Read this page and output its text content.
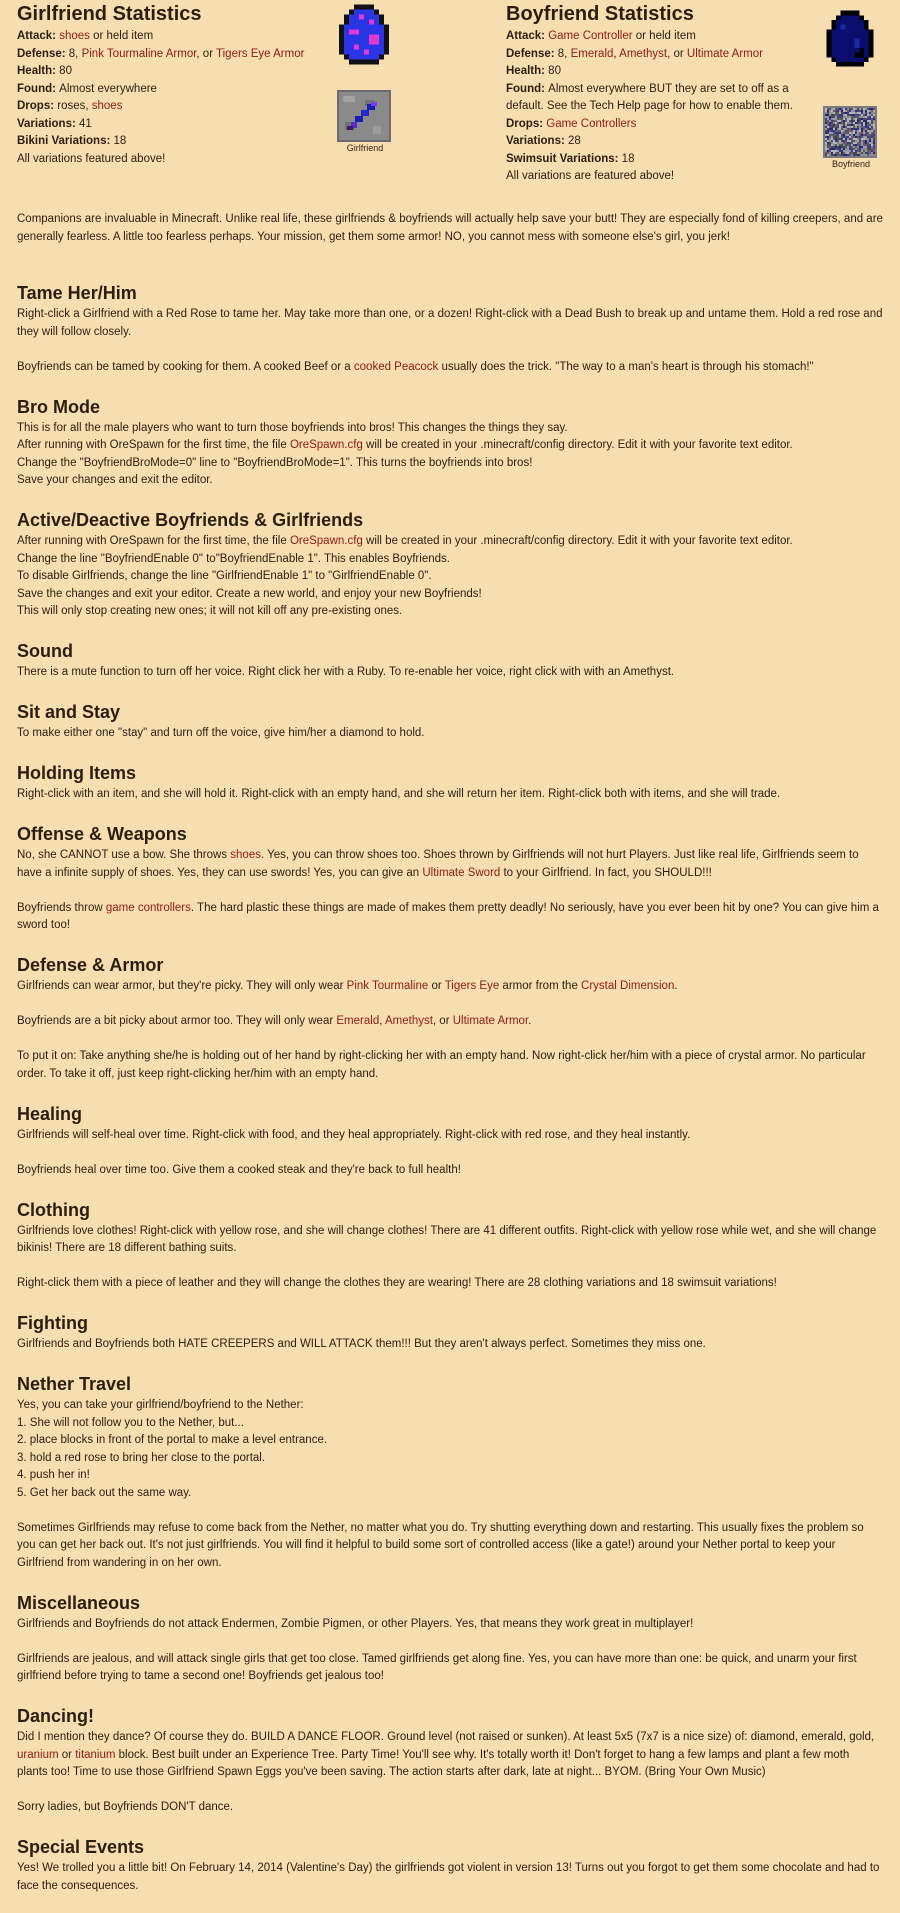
Girlfriend Statistics

Attack: shoes or held item

Defense: 8, Pink Tourmaline Armor, or Tigers Eye Armor

Health: 80

Found: Almost everywhere

Drops: roses, shoes

Variations: 41

Bikini Variations: 18

All variations featured above!

Girlfriend
Boyfriend Statistics

Attack: Game Controller or held item

Defense: 8, Emerald, Amethyst, or Ultimate Armor

Health: 80

Found: Almost everywhere BUT they are set to off as a default. See the Tech Help page for how to enable them.

Drops: Game Controllers

Variations: 28

Swimsuit Variations: 18

All variations are featured above!

Boyfriend

Companions are invaluable in Minecraft. Unlike real life, these girlfriends & boyfriends will actually help save your butt! They are especially fond of killing creepers, and are generally fearless. A little too fearless perhaps. Your mission, get them some armor! NO, you cannot mess with someone else's girl, you jerk!

Tame Her/Him

Right-click a Girlfriend with a Red Rose to tame her. May take more than one, or a dozen! Right-click with a Dead Bush to break up and untame them. Hold a red rose and they will follow closely.

Boyfriends can be tamed by cooking for them. A cooked Beef or a cooked Peacock usually does the trick. "The way to a man's heart is through his stomach!"

Bro Mode

This is for all the male players who want to turn those boyfriends into bros! This changes the things they say.
After running with OreSpawn for the first time, the file OreSpawn.cfg will be created in your .minecraft/config directory. Edit it with your favorite text editor.
Change the "BoyfriendBroMode=0" line to "BoyfriendBroMode=1". This turns the boyfriends into bros!
Save your changes and exit the editor.

Active/Deactive Boyfriends & Girlfriends

After running with OreSpawn for the first time, the file OreSpawn.cfg will be created in your .minecraft/config directory. Edit it with your favorite text editor.
Change the line "BoyfriendEnable 0" to"BoyfriendEnable 1". This enables Boyfriends.
To disable Girlfriends, change the line "GirlfriendEnable 1" to "GirlfriendEnable 0".
Save the changes and exit your editor. Create a new world, and enjoy your new Boyfriends!
This will only stop creating new ones; it will not kill off any pre-existing ones.

Sound

There is a mute function to turn off her voice. Right click her with a Ruby. To re-enable her voice, right click with with an Amethyst.

Sit and Stay

To make either one "stay" and turn off the voice, give him/her a diamond to hold.

Holding Items

Right-click with an item, and she will hold it. Right-click with an empty hand, and she will return her item. Right-click both with items, and she will trade.

Offense & Weapons

No, she CANNOT use a bow. She throws shoes. Yes, you can throw shoes too. Shoes thrown by Girlfriends will not hurt Players. Just like real life, Girlfriends seem to have a infinite supply of shoes. Yes, they can use swords! Yes, you can give an Ultimate Sword to your Girlfriend. In fact, you SHOULD!!!

Boyfriends throw game controllers. The hard plastic these things are made of makes them pretty deadly! No seriously, have you ever been hit by one? You can give him a sword too!

Defense & Armor

Girlfriends can wear armor, but they're picky. They will only wear Pink Tourmaline or Tigers Eye armor from the Crystal Dimension.

Boyfriends are a bit picky about armor too. They will only wear Emerald, Amethyst, or Ultimate Armor.

To put it on: Take anything she/he is holding out of her hand by right-clicking her with an empty hand. Now right-click her/him with a piece of crystal armor. No particular order. To take it off, just keep right-clicking her/him with an empty hand.

Healing

Girlfriends will self-heal over time. Right-click with food, and they heal appropriately. Right-click with red rose, and they heal instantly.

Boyfriends heal over time too. Give them a cooked steak and they're back to full health!

Clothing

Girlfriends love clothes! Right-click with yellow rose, and she will change clothes! There are 41 different outfits. Right-click with yellow rose while wet, and she will change bikinis! There are 18 different bathing suits.

Right-click them with a piece of leather and they will change the clothes they are wearing! There are 28 clothing variations and 18 swimsuit variations!

Fighting

Girlfriends and Boyfriends both HATE CREEPERS and WILL ATTACK them!!! But they aren't always perfect. Sometimes they miss one.

Nether Travel

Yes, you can take your girlfriend/boyfriend to the Nether:
1. She will not follow you to the Nether, but...
2. place blocks in front of the portal to make a level entrance.
3. hold a red rose to bring her close to the portal.
4. push her in!
5. Get her back out the same way.

Sometimes Girlfriends may refuse to come back from the Nether, no matter what you do. Try shutting everything down and restarting. This usually fixes the problem so you can get her back out. It's not just girlfriends. You will find it helpful to build some sort of controlled access (like a gate!) around your Nether portal to keep your Girlfriend from wandering in on her own.

Miscellaneous

Girlfriends and Boyfriends do not attack Endermen, Zombie Pigmen, or other Players. Yes, that means they work great in multiplayer!

Girlfriends are jealous, and will attack single girls that get too close. Tamed girlfriends get along fine. Yes, you can have more than one: be quick, and unarm your first girlfriend before trying to tame a second one! Boyfriends get jealous too!

Dancing!

Did I mention they dance? Of course they do. BUILD A DANCE FLOOR. Ground level (not raised or sunken). At least 5x5 (7x7 is a nice size) of: diamond, emerald, gold, uranium or titanium block. Best built under an Experience Tree. Party Time! You'll see why. It's totally worth it! Don't forget to hang a few lamps and plant a few moth plants too! Time to use those Girlfriend Spawn Eggs you've been saving. The action starts after dark, late at night... BYOM. (Bring Your Own Music)

Sorry ladies, but Boyfriends DON'T dance.

Special Events

Yes! We trolled you a little bit! On February 14, 2014 (Valentine's Day) the girlfriends got violent in version 13! Turns out you forgot to get them some chocolate and had to face the consequences.
